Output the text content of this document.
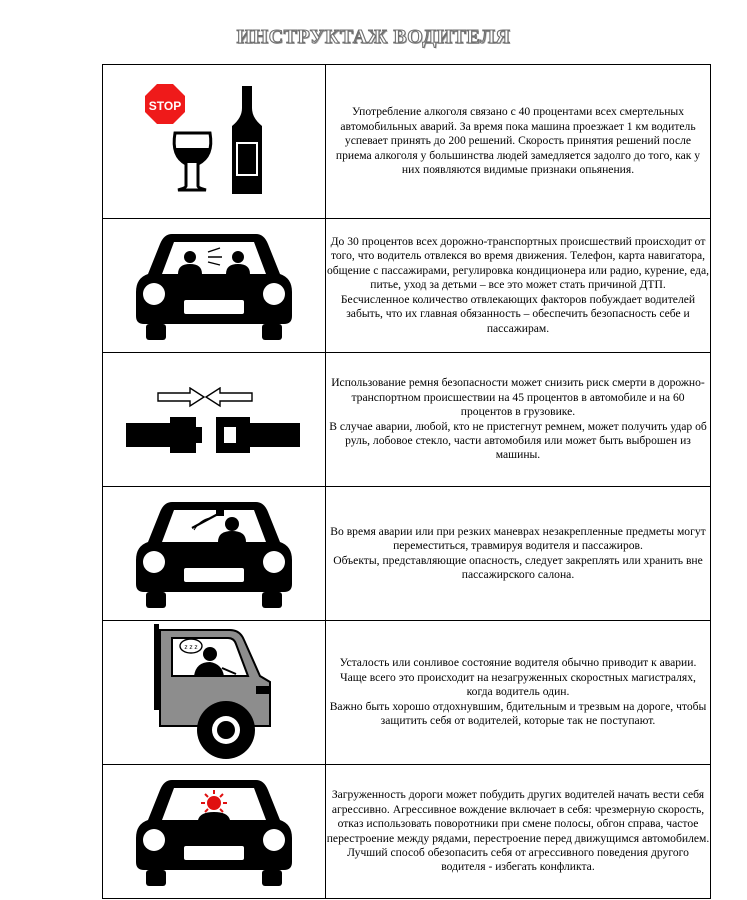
ИНСТРУКТАЖ ВОДИТЕЛЯ
STOP	Употребление алкоголя связано с 40 процентами всех смертельных автомобильных аварий. За время пока машина проезжает 1 км водитель успевает принять до 200 решений. Скорость принятия решений после приема алкоголя у большинства людей замедляется задолго до того, как у них появляются видимые признаки опьянения.

До 30 процентов всех дорожно-транспортных происшествий происходит от того, что водитель отвлекся во время движения. Телефон, карта навигатора, общение с пассажирами, регулировка кондиционера или радио, курение, еда, питье, уход за детьми – все это может стать причиной ДТП.
Бесчисленное количество отвлекающих факторов побуждает водителей забыть, что их главная обязанность – обеспечить безопасность себе и пассажирам.

Использование ремня безопасности может снизить риск смерти в дорожно-транспортном происшествии на 45 процентов в автомобиле и на 60 процентов в грузовике.
В случае аварии, любой, кто не пристегнут ремнем, может получить удар об руль, лобовое стекло, части автомобиля или может быть выброшен из машины.

Во время аварии или при резких маневрах незакрепленные предметы могут переместиться, травмируя водителя и пассажиров.
Объекты, представляющие опасность, следует закреплять или хранить вне пассажирского салона.

z z z	Усталость или сонливое состояние водителя обычно приводит к аварии. Чаще всего это происходит на незагруженных скоростных магистралях, когда водитель один.
Важно быть хорошо отдохнувшим, бдительным и трезвым на дороге, чтобы защитить себя от водителей, которые так не поступают.

Загруженность дороги может побудить других водителей начать вести себя агрессивно. Агрессивное вождение включает в себя: чрезмерную скорость, отказ использовать поворотники при смене полосы, обгон справа, частое перестроение между рядами, перестроение перед движущимся автомобилем.
Лучший способ обезопасить себя от агрессивного поведения другого водителя - избегать конфликта.
